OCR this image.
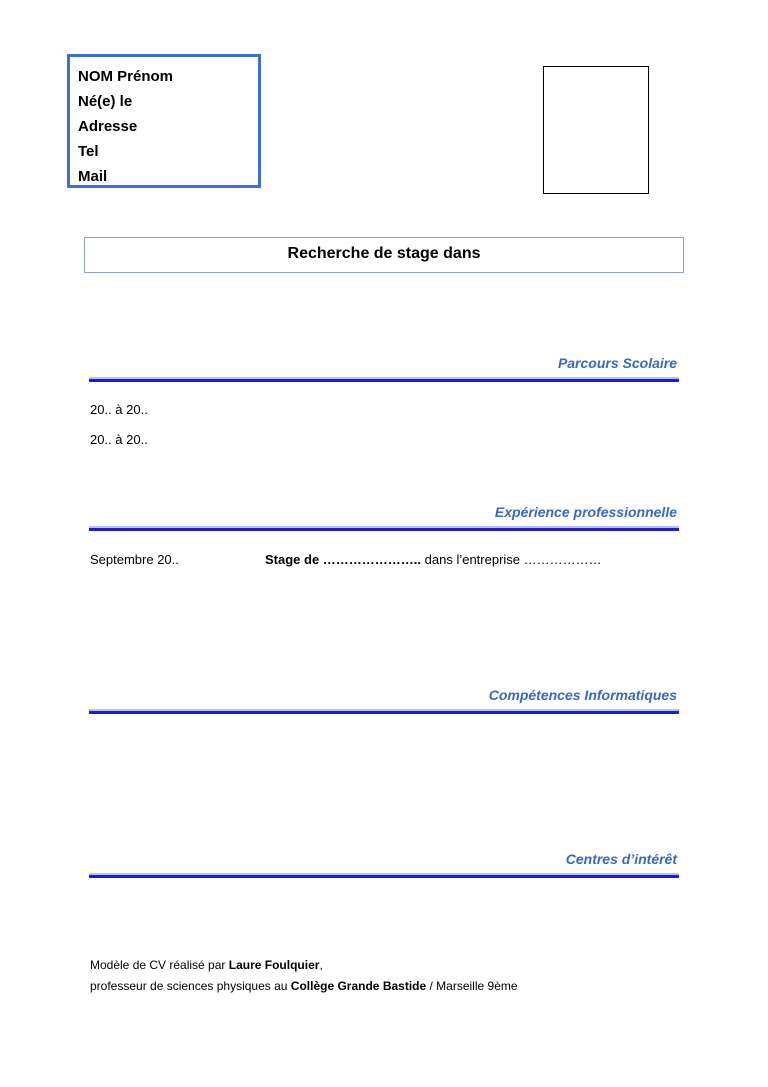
NOM Prénom
Né(e) le
Adresse
Tel
Mail
Recherche de stage dans
Parcours Scolaire
20.. à 20..
20.. à 20..
Expérience professionnelle
Septembre 20..	Stage de ………………….. dans l’entreprise ………………
Compétences Informatiques
Centres d’intérêt
Modèle de CV réalisé par Laure Foulquier,
professeur de sciences physiques au Collège Grande Bastide / Marseille 9ème
